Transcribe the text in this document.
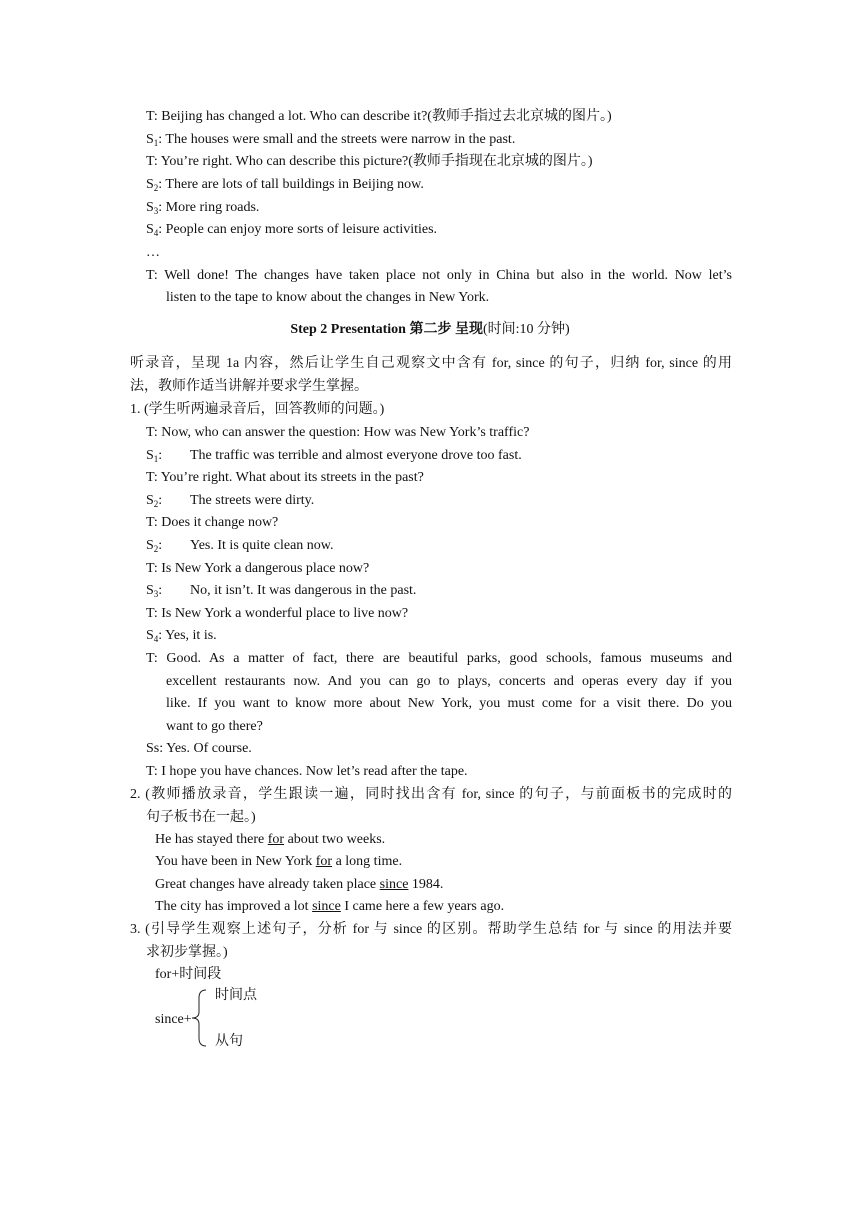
T: Beijing has changed a lot. Who can describe it?(教师手指过去北京城的图片。)
$S_1$: The houses were small and the streets were narrow in the past.
T: You’re right. Who can describe this picture?(教师手指现在北京城的图片。)
$S_2$: There are lots of tall buildings in Beijing now.
$S_3$: More ring roads.
$S_4$: People can enjoy more sorts of leisure activities.
…
T: Well done! The changes have taken place not only in China but also in the world. Now let’s
listen to the tape to know about the changes in New York.
Step 2 Presentation 第二步 呈现(时间:10 分钟)
听录音，呈现 1a 内容，然后让学生自己观察文中含有 for, since 的句子，归纳 for, since 的用
法，教师作适当讲解并要求学生掌握。
1. (学生听两遍录音后，回答教师的问题。)
T: Now, who can answer the question: How was New York’s traffic?
$S_1$: The traffic was terrible and almost everyone drove too fast.
T: You’re right. What about its streets in the past?
$S_2$: The streets were dirty.
T: Does it change now?
$S_2$: Yes. It is quite clean now.
T: Is New York a dangerous place now?
$S_3$: No, it isn’t. It was dangerous in the past.
T: Is New York a wonderful place to live now?
$S_4$: Yes, it is.
T: Good. As a matter of fact, there are beautiful parks, good schools, famous museums and
excellent restaurants now. And you can go to plays, concerts and operas every day if you
like. If you want to know more about New York, you must come for a visit there. Do you
want to go there?
Ss: Yes. Of course.
T: I hope you have chances. Now let’s read after the tape.
2. (教师播放录音，学生跟读一遍，同时找出含有 for, since 的句子，与前面板书的完成时的
句子板书在一起。)
He has stayed there for about two weeks.
You have been in New York for a long time.
Great changes have already taken place since 1984.
The city has improved a lot since I came here a few years ago.
3. (引导学生观察上述句子，分析 for 与 since 的区别。帮助学生总结 for 与 since 的用法并要
求初步掌握。)
for+时间段
since+
时间点
从句
